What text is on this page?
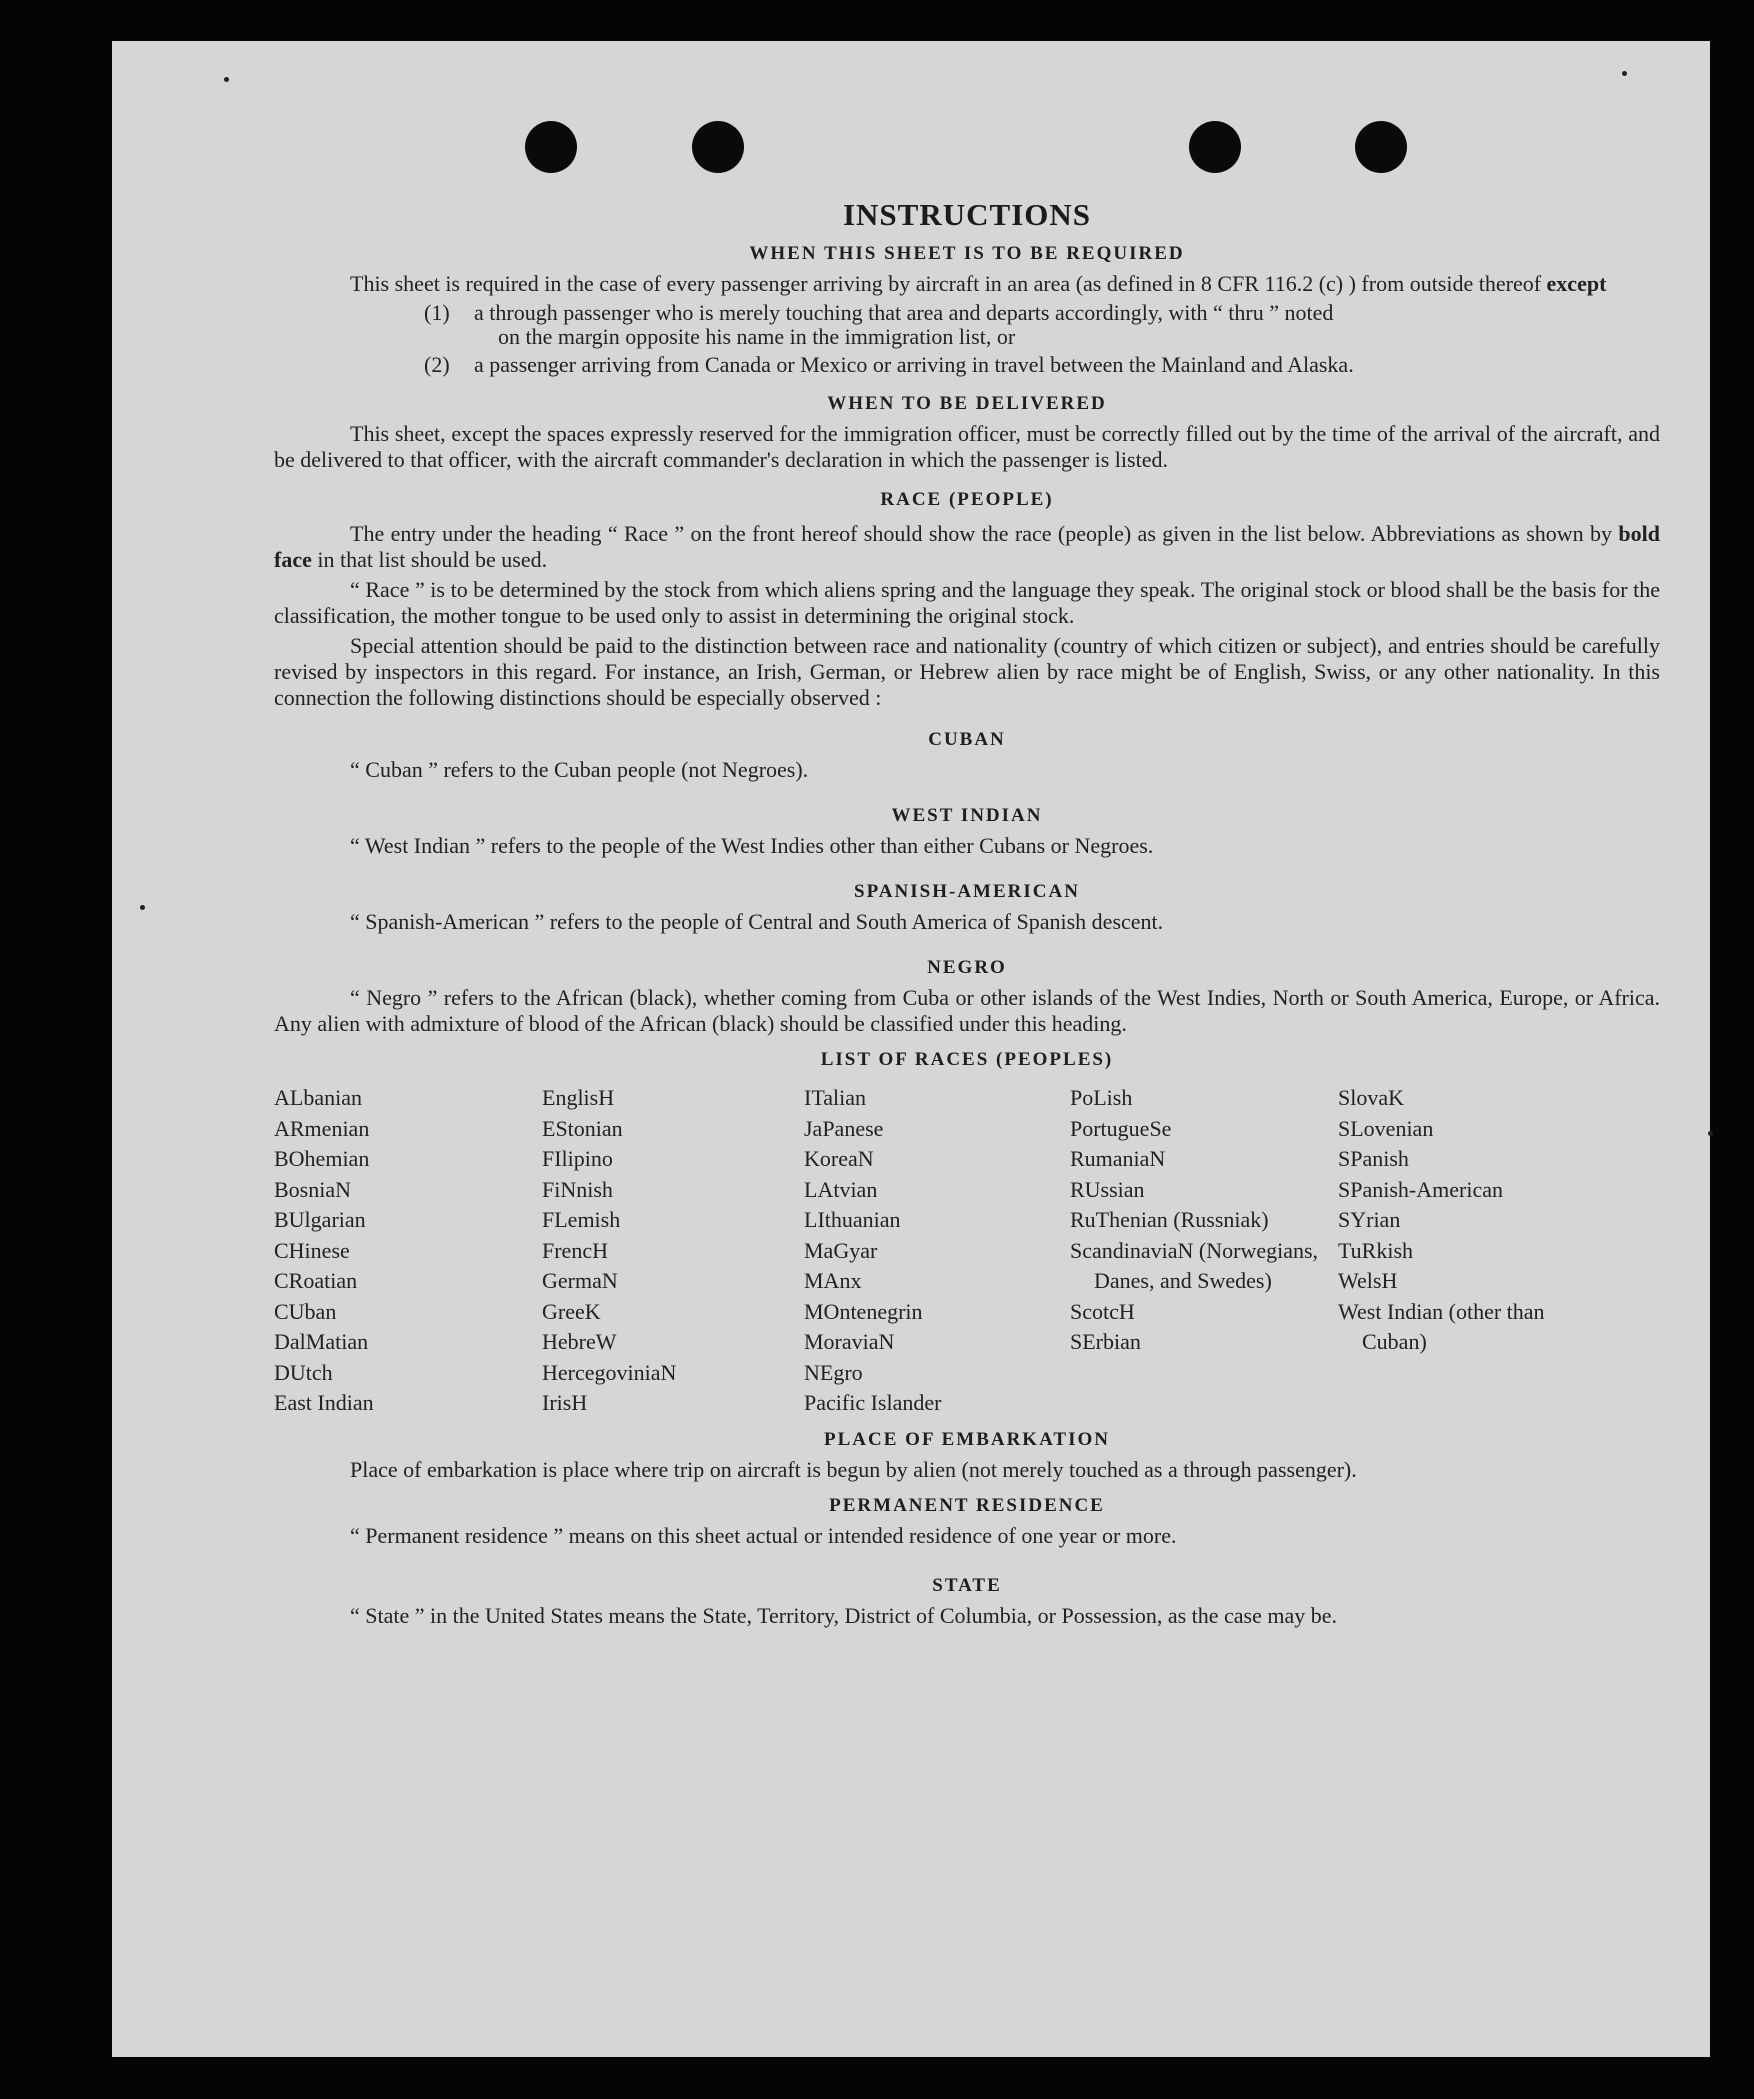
INSTRUCTIONS
WHEN THIS SHEET IS TO BE REQUIRED

This sheet is required in the case of every passenger arriving by aircraft in an area (as defined in 8 CFR 116.2 (c) ) from outside thereof except

(1)	a through passenger who is merely touching that area and departs accordingly, with “ thru ” noted
on the margin opposite his name in the immigration list, or
(2)	a passenger arriving from Canada or Mexico or arriving in travel between the Mainland and Alaska.
WHEN TO BE DELIVERED

This sheet, except the spaces expressly reserved for the immigration officer, must be correctly filled out by the time of the arrival of the aircraft, and be delivered to that officer, with the aircraft commander's declaration in which the passenger is listed.

RACE (PEOPLE)

The entry under the heading “ Race ” on the front hereof should show the race (people) as given in the list below. Abbreviations as shown by bold face in that list should be used.

“ Race ” is to be determined by the stock from which aliens spring and the language they speak. The original stock or blood shall be the basis for the classification, the mother tongue to be used only to assist in determining the original stock.

Special attention should be paid to the distinction between race and nationality (country of which citizen or subject), and entries should be carefully revised by inspectors in this regard. For instance, an Irish, German, or Hebrew alien by race might be of English, Swiss, or any other nationality. In this connection the following distinctions should be especially observed :

CUBAN

“ Cuban ” refers to the Cuban people (not Negroes).

WEST INDIAN

“ West Indian ” refers to the people of the West Indies other than either Cubans or Negroes.

SPANISH-AMERICAN

“ Spanish-American ” refers to the people of Central and South America of Spanish descent.

NEGRO

“ Negro ” refers to the African (black), whether coming from Cuba or other islands of the West Indies, North or South America, Europe, or Africa. Any alien with admixture of blood of the African (black) should be classified under this heading.

LIST OF RACES (PEOPLES)
ALbanian
ARmenian
BOhemian
BosniaN
BUlgarian
CHinese
CRoatian
CUban
DalMatian
DUtch
East Indian
EnglisH
EStonian
FIlipino
FiNnish
FLemish
FrencH
GermaN
GreeK
HebreW
HercegoviniaN
IrisH
ITalian
JaPanese
KoreaN
LAtvian
LIthuanian
MaGyar
MAnx
MOntenegrin
MoraviaN
NEgro
Pacific Islander
PoLish
PortugueSe
RumaniaN
RUssian
RuThenian (Russniak)
ScandinaviaN (Norwegians, Danes, and Swedes)
ScotcH
SErbian
SlovaK
SLovenian
SPanish
SPanish-American
SYrian
TuRkish
WelsH
West Indian (other than Cuban)
PLACE OF EMBARKATION

Place of embarkation is place where trip on aircraft is begun by alien (not merely touched as a through passenger).

PERMANENT RESIDENCE

“ Permanent residence ” means on this sheet actual or intended residence of one year or more.

STATE

“ State ” in the United States means the State, Territory, District of Columbia, or Possession, as the case may be.
